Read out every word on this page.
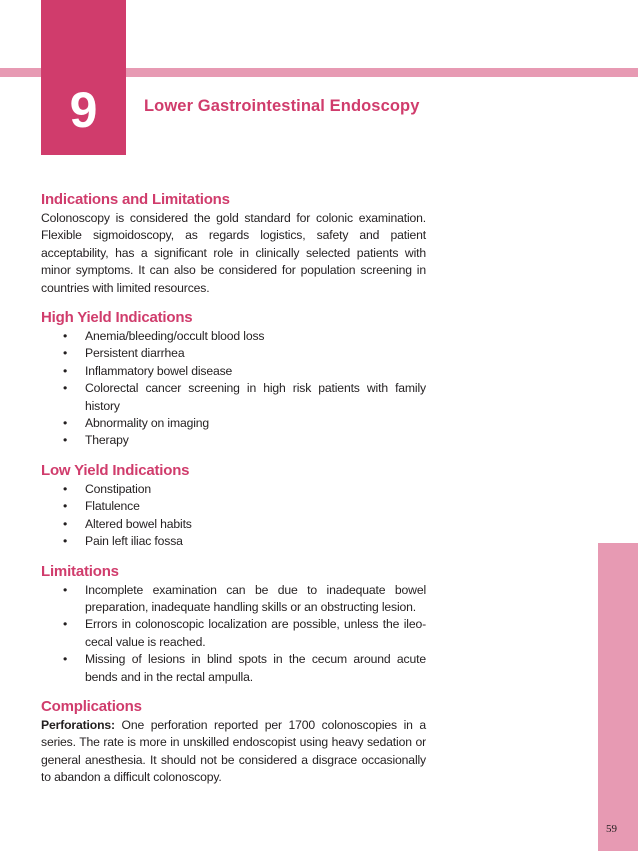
9	Lower Gastrointestinal Endoscopy
Indications and Limitations

Colonoscopy is considered the gold standard for colonic examination. Flexible sigmoidoscopy, as regards logistics, safety and patient acceptability, has a significant role in clinically selected patients with minor symptoms. It can also be considered for population screening in countries with limited resources.

High Yield Indications
• Anemia/bleeding/occult blood loss
• Persistent diarrhea
• Inflammatory bowel disease
• Colorectal cancer screening in high risk patients with family history
• Abnormality on imaging
• Therapy
Low Yield Indications
• Constipation
• Flatulence
• Altered bowel habits
• Pain left iliac fossa
Limitations
• Incomplete examination can be due to inadequate bowel preparation, inadequate handling skills or an obstructing lesion.
• Errors in colonoscopic localization are possible, unless the ileo-cecal value is reached.
• Missing of lesions in blind spots in the cecum around acute bends and in the rectal ampulla.
Complications

Perforations: One perforation reported per 1700 colonoscopies in a series. The rate is more in unskilled endoscopist using heavy sedation or general anesthesia. It should not be considered a disgrace occasionally to abandon a difficult colonoscopy.

59
